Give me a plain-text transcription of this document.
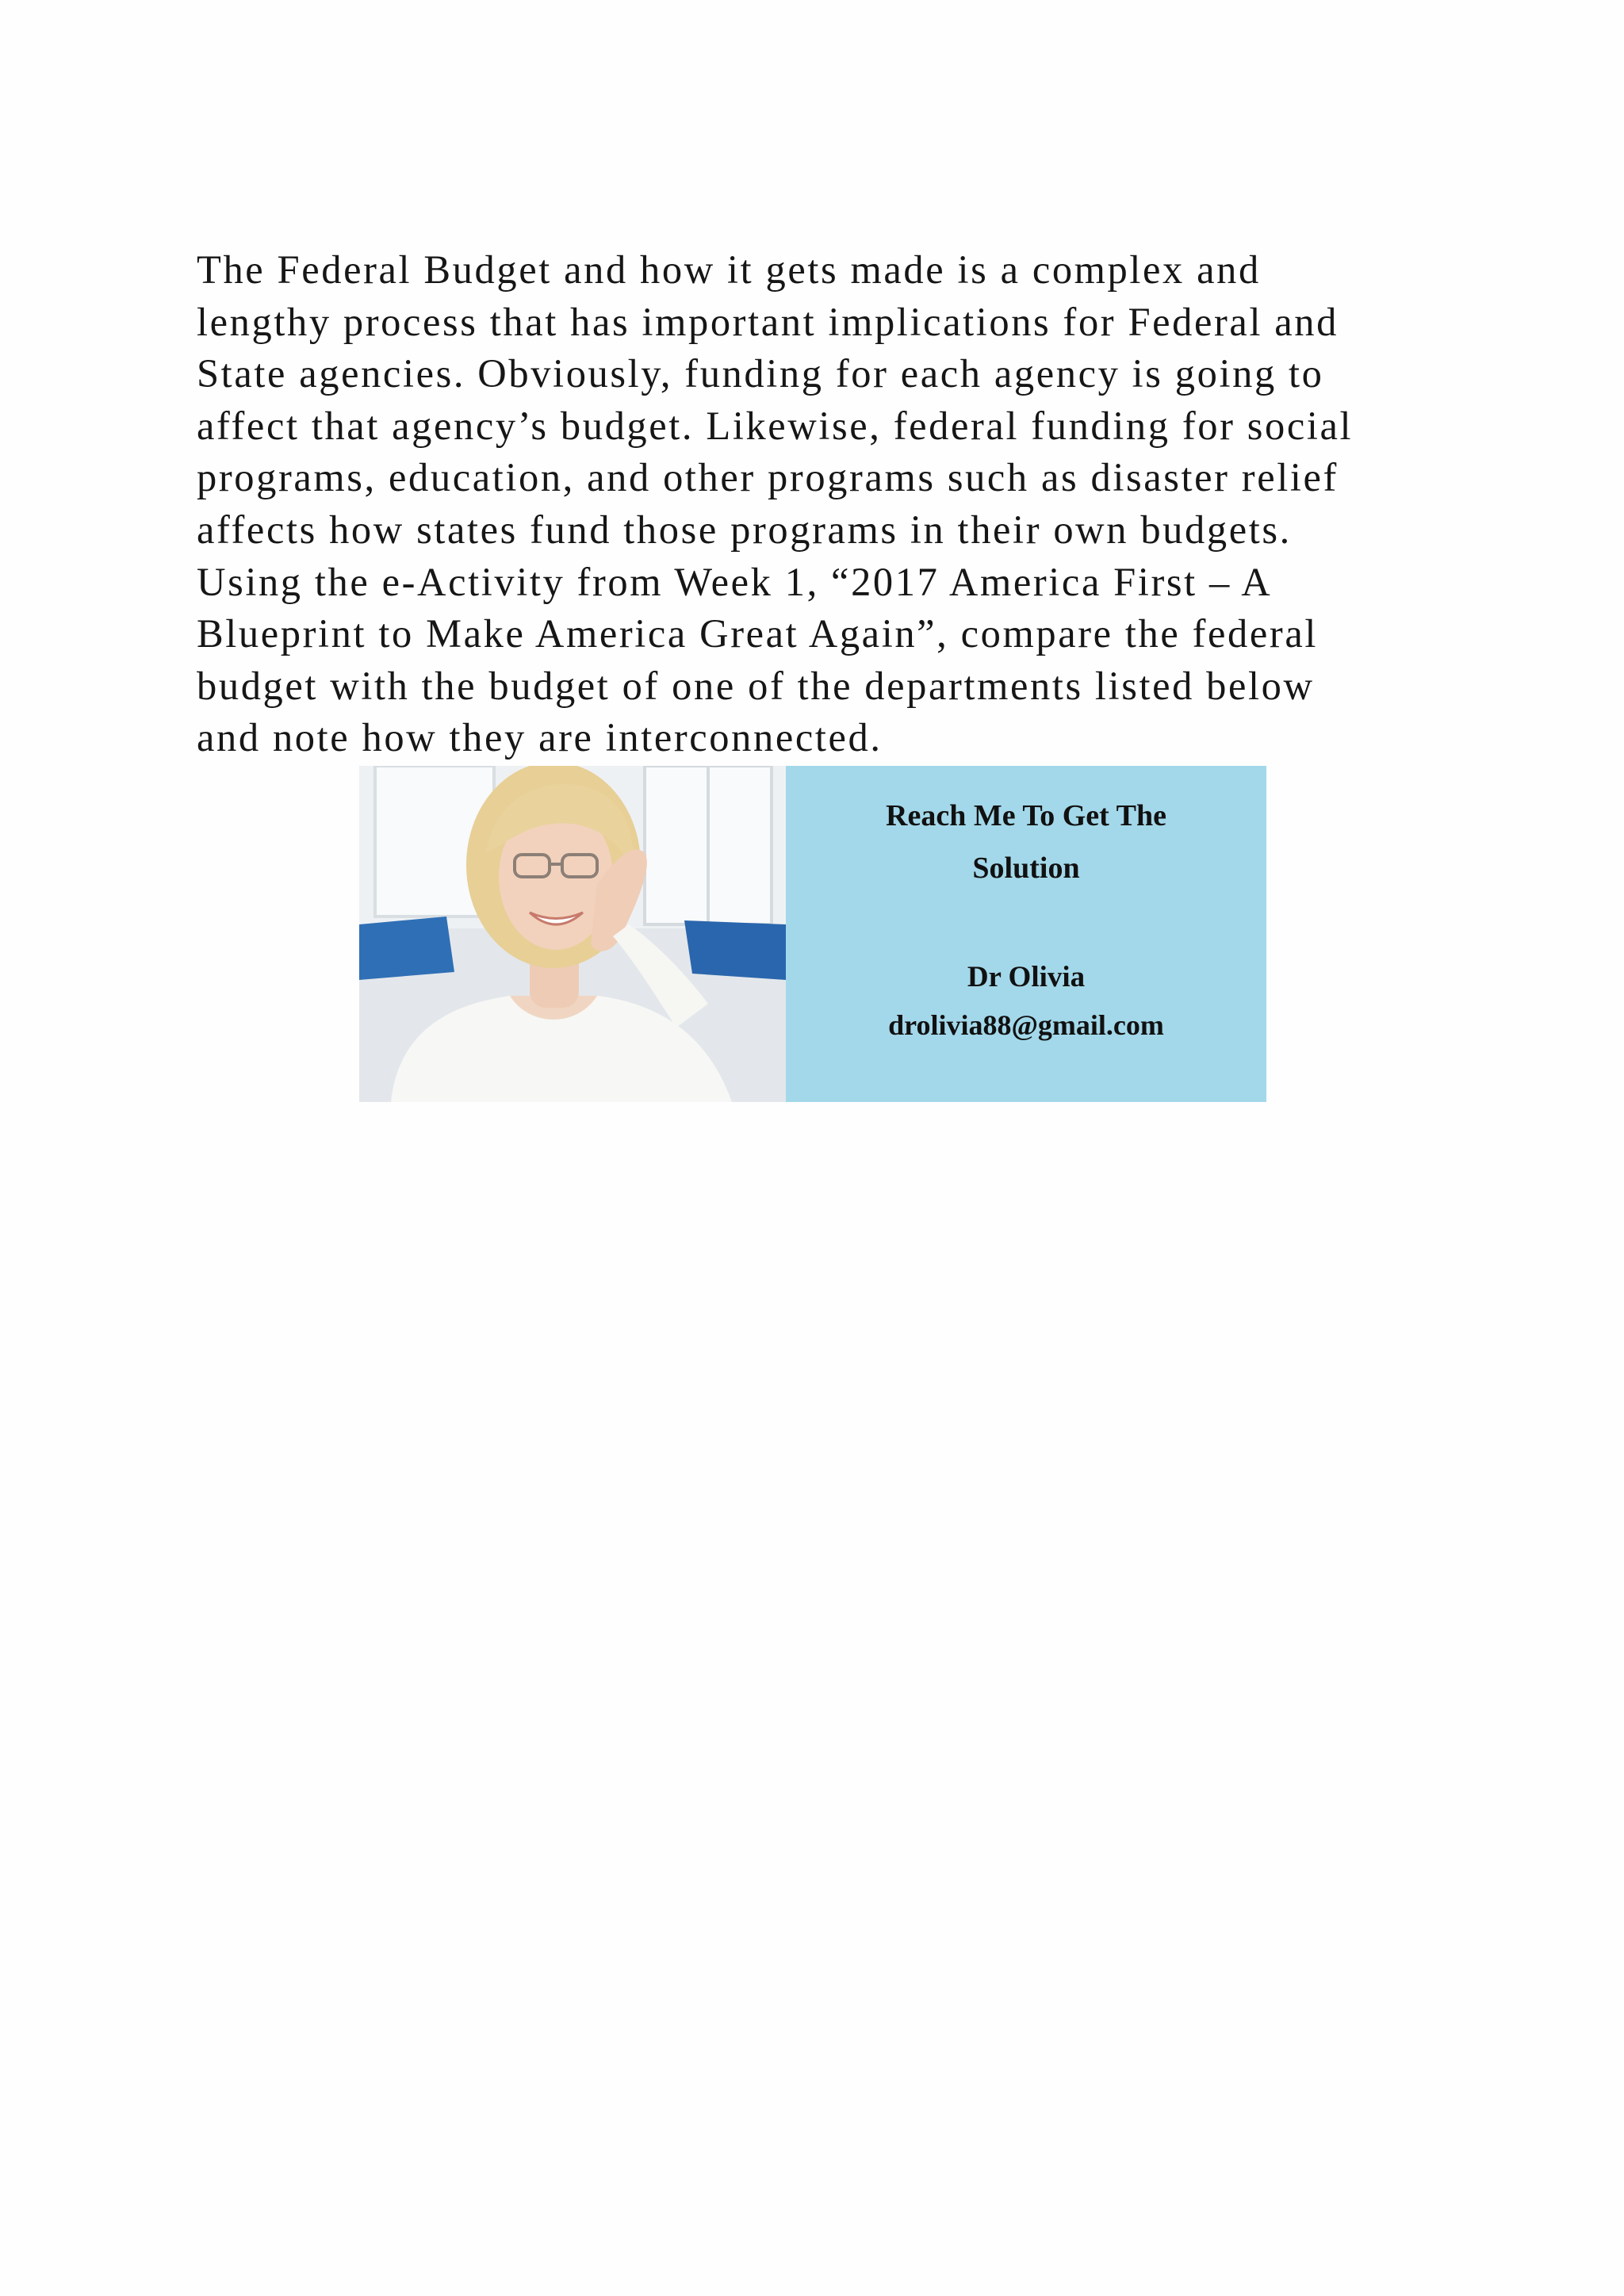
The Federal Budget and how it gets made is a complex and
lengthy process that has important implications for Federal and
State agencies. Obviously, funding for each agency is going to
affect that agency’s budget. Likewise, federal funding for social
programs, education, and other programs such as disaster relief
affects how states fund those programs in their own budgets.
Using the e-Activity from Week 1, “2017 America First – A
Blueprint to Make America Great Again”, compare the federal
budget with the budget of one of the departments listed below
and note how they are interconnected.

Reach Me To Get The
Solution

Dr Olivia
drolivia88@gmail.com
